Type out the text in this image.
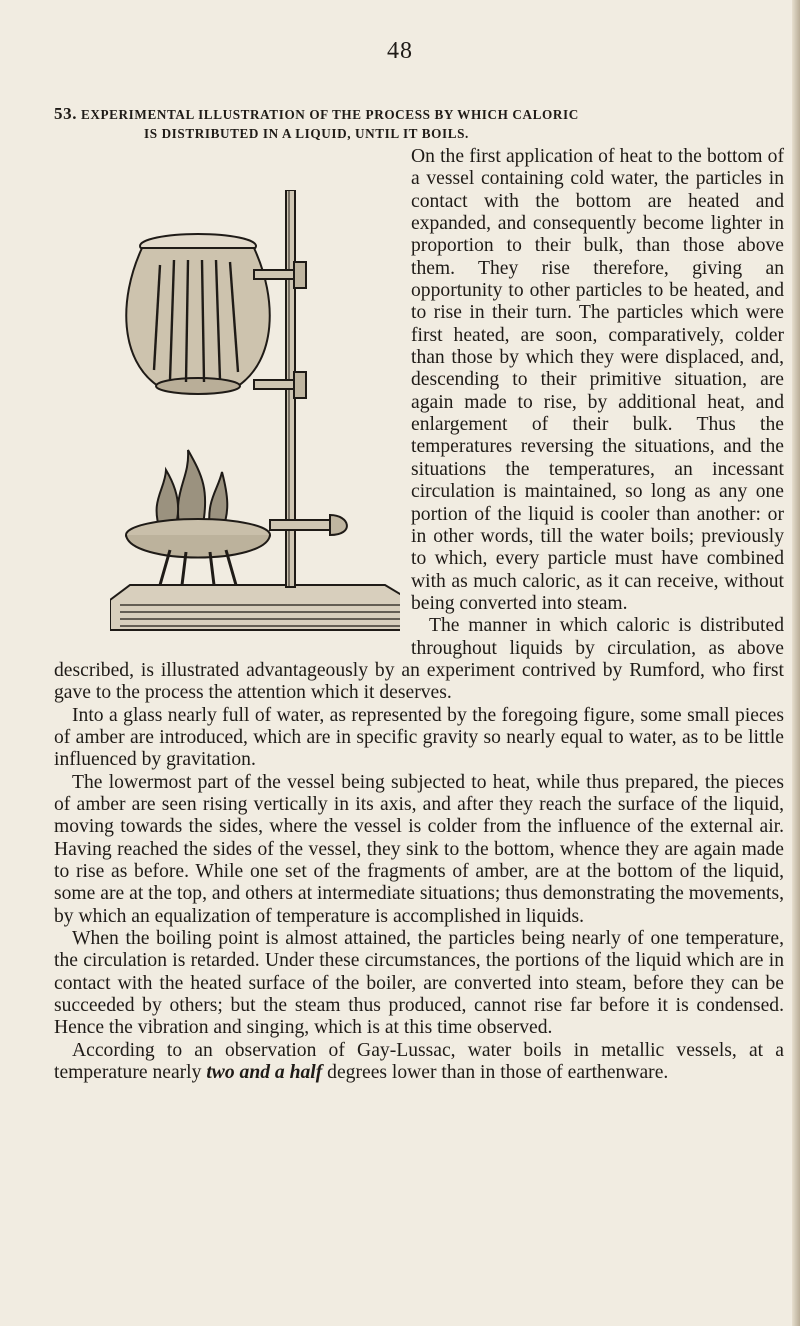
48
53. EXPERIMENTAL ILLUSTRATION OF THE PROCESS BY WHICH CALORIC
IS DISTRIBUTED IN A LIQUID, UNTIL IT BOILS.

On the first application of heat to the bottom of a vessel containing cold water, the particles in contact with the bottom are heated and expanded, and consequently become lighter in proportion to their bulk, than those above them. They rise therefore, giving an opportunity to other particles to be heated, and to rise in their turn. The particles which were first heated, are soon, comparatively, colder than those by which they were displaced, and, descending to their primitive situation, are again made to rise, by additional heat, and enlargement of their bulk. Thus the temperatures reversing the situations, and the situations the temperatures, an incessant circulation is maintained, so long as any one portion of the liquid is cooler than another: or in other words, till the water boils; previously to which, every particle must have combined with as much caloric, as it can receive, without being converted into steam.

The manner in which caloric is distributed throughout liquids by circulation, as above described, is illustrated advantageously by an experiment contrived by Rumford, who first gave to the process the attention which it deserves.

Into a glass nearly full of water, as represented by the foregoing figure, some small pieces of amber are introduced, which are in specific gravity so nearly equal to water, as to be little influenced by gravitation.

The lowermost part of the vessel being subjected to heat, while thus prepared, the pieces of amber are seen rising vertically in its axis, and after they reach the surface of the liquid, moving towards the sides, where the vessel is colder from the influence of the external air. Having reached the sides of the vessel, they sink to the bottom, whence they are again made to rise as before. While one set of the fragments of amber, are at the bottom of the liquid, some are at the top, and others at intermediate situations; thus demonstrating the movements, by which an equalization of temperature is accomplished in liquids.

When the boiling point is almost attained, the particles being nearly of one temperature, the circulation is retarded. Under these circumstances, the portions of the liquid which are in contact with the heated surface of the boiler, are converted into steam, before they can be succeeded by others; but the steam thus produced, cannot rise far before it is condensed. Hence the vibration and singing, which is at this time observed.

According to an observation of Gay-Lussac, water boils in metallic vessels, at a temperature nearly two and a half degrees lower than in those of earthenware.
